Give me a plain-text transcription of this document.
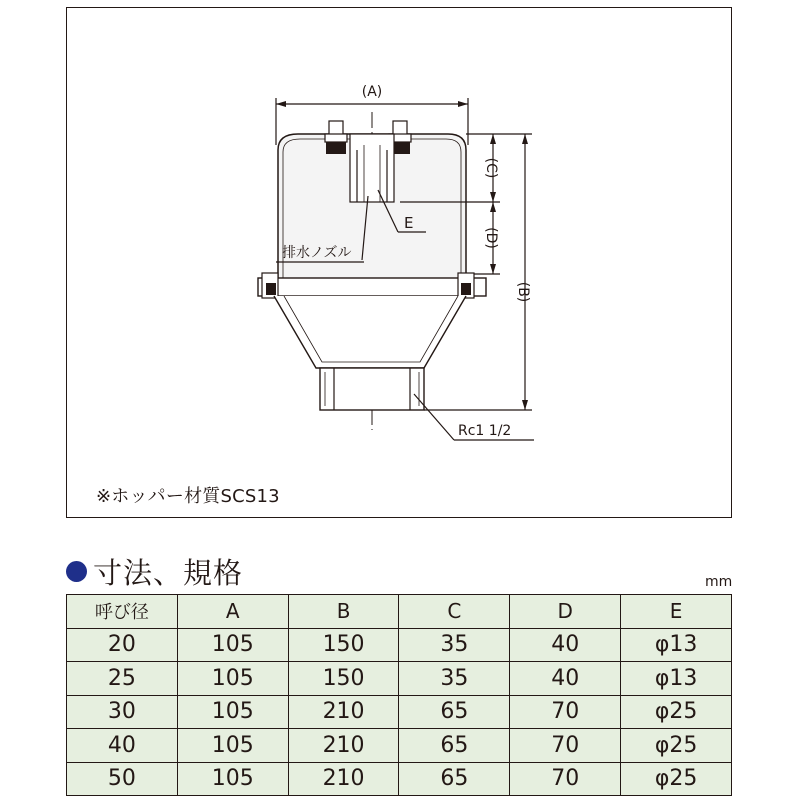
(A)
(C)
(D)
(B)
E
排水ノズル
Rc1 1/2
※ホッパー材質SCS13
寸法、規格	mm
呼び径	A	B	C	D	E
20	105	150	35	40	φ13
25	105	150	35	40	φ13
30	105	210	65	70	φ25
40	105	210	65	70	φ25
50	105	210	65	70	φ25
